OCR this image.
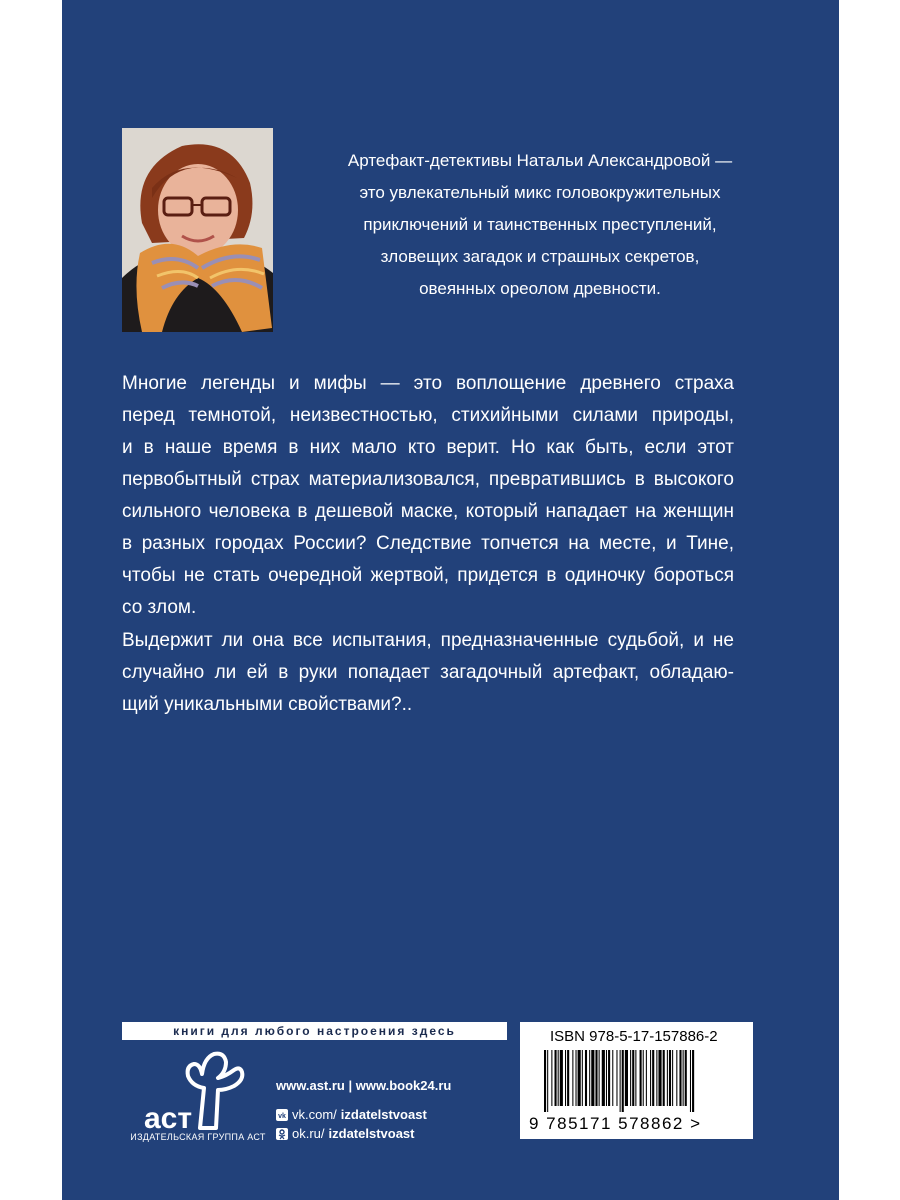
Артефакт-детективы Натальи Александровой —
это увлекательный микс головокружительных
приключений и таинственных преступлений,
зловещих загадок и страшных секретов,
овеянных ореолом древности.
Многие легенды и мифы — это воплощение древнего страха
перед темнотой, неизвестностью, стихийными силами природы,
и в наше время в них мало кто верит. Но как быть, если этот
первобытный страх материализовался, превратившись в высокого
сильного человека в дешевой маске, который нападает на женщин
в разных городах России? Следствие топчется на месте, и Тине,
чтобы не стать очередной жертвой, придется в одиночку бороться
со злом.
Выдержит ли она все испытания, предназначенные судьбой, и не
случайно ли ей в руки попадает загадочный артефакт, обладаю-
щий уникальными свойствами?..
книги для любого настроения здесь
аст
ИЗДАТЕЛЬСКАЯ ГРУППА АСТ
www.ast.ru | www.book24.ru
vk vk.com/ izdatelstvoast
ok.ru/ izdatelstvoast
ISBN 978-5-17-157886-2
9 785171 578862 >
